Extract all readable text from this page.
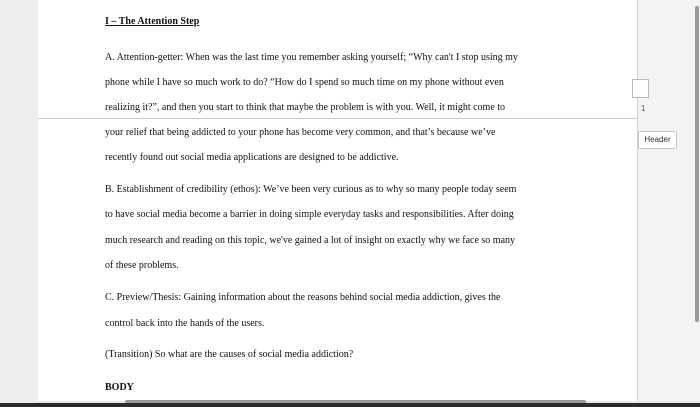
1
Header
I – The Attention Step
A. Attention-getter: When was the last time you remember asking yourself; “Why can't I stop using my
phone while I have so much work to do? “How do I spend so much time on my phone without even
realizing it?”, and then you start to think that maybe the problem is with you. Well, it might come to
your relief that being addicted to your phone has become very common, and that’s because we’ve
recently found out social media applications are designed to be addictive.
B. Establishment of credibility (ethos): We’ve been very curious as to why so many people today seem
to have social media become a barrier in doing simple everyday tasks and responsibilities. After doing
much research and reading on this topic, we've gained a lot of insight on exactly why we face so many
of these problems.
C. Preview/Thesis: Gaining information about the reasons behind social media addiction, gives the
control back into the hands of the users.
(Transition) So what are the causes of social media addiction?
BODY
